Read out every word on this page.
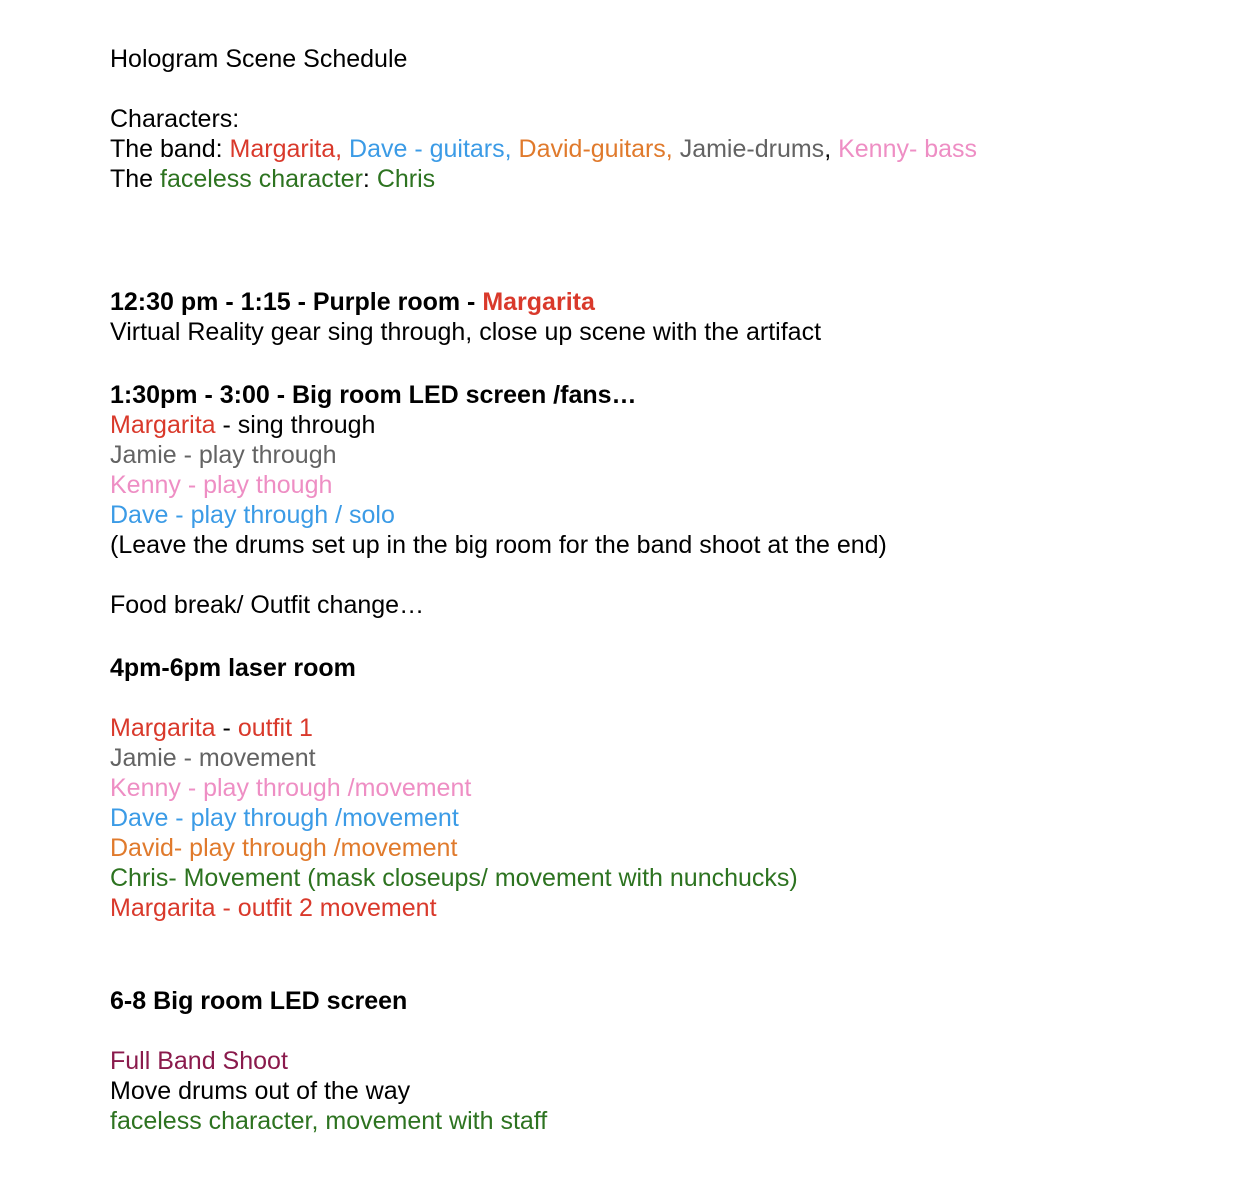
Hologram Scene Schedule
Characters:
The band: Margarita, Dave - guitars, David-guitars, Jamie-drums, Kenny- bass
The faceless character: Chris
12:30 pm - 1:15 - Purple room - Margarita
Virtual Reality gear sing through, close up scene with the artifact
1:30pm - 3:00 - Big room LED screen /fans…
Margarita - sing through
Jamie - play through
Kenny - play though
Dave - play through / solo
(Leave the drums set up in the big room for the band shoot at the end)
Food break/ Outfit change…
4pm-6pm laser room
Margarita - outfit 1
Jamie - movement
Kenny - play through /movement
Dave - play through /movement
David- play through /movement
Chris- Movement (mask closeups/ movement with nunchucks)
Margarita - outfit 2 movement
6-8 Big room LED screen
Full Band Shoot
Move drums out of the way
faceless character, movement with staff
